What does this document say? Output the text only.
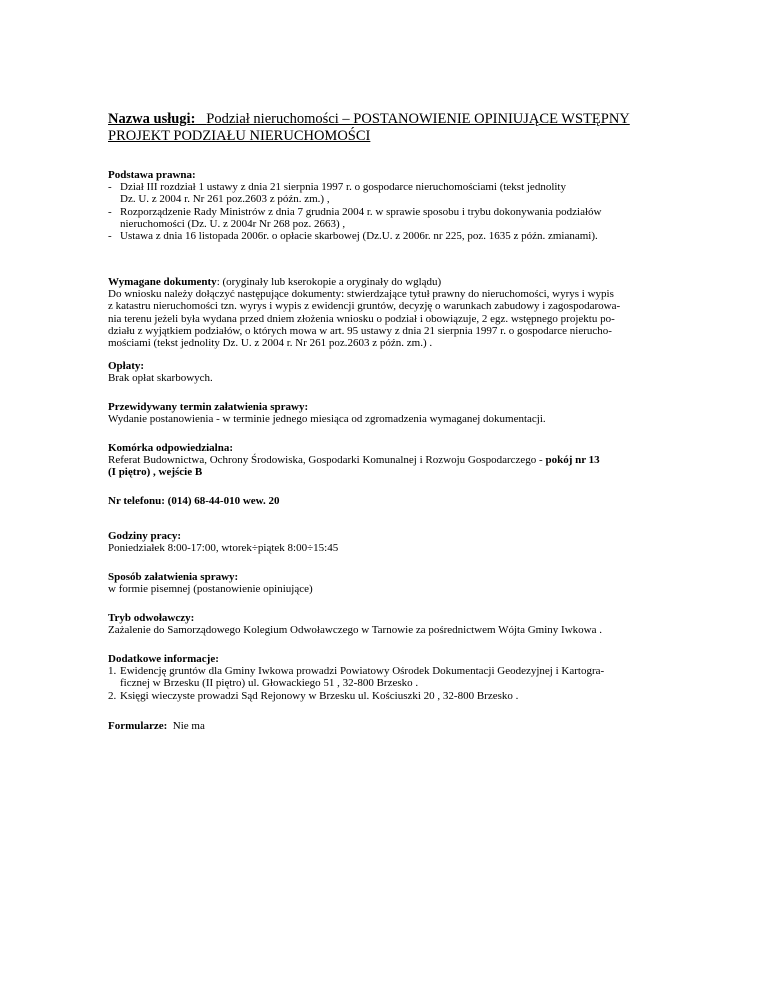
Nazwa usługi: Podział nieruchomości – POSTANOWIENIE OPINIUJĄCE WSTĘPNY
PROJEKT PODZIAŁU NIERUCHOMOŚCI
Podstawa prawna:
- Dział III rozdział 1 ustawy z dnia 21 sierpnia 1997 r. o gospodarce nieruchomościami (tekst jednolity
Dz. U. z 2004 r. Nr 261 poz.2603 z późn. zm.) ,
- Rozporządzenie Rady Ministrów z dnia 7 grudnia 2004 r. w sprawie sposobu i trybu dokonywania podziałów
nieruchomości (Dz. U. z 2004r Nr 268 poz. 2663) ,
- Ustawa z dnia 16 listopada 2006r. o opłacie skarbowej (Dz.U. z 2006r. nr 225, poz. 1635 z późn. zmianami).
Wymagane dokumenty: (oryginały lub kserokopie a oryginały do wglądu)
Do wniosku należy dołączyć następujące dokumenty: stwierdzające tytuł prawny do nieruchomości, wyrys i wypis
z katastru nieruchomości tzn. wyrys i wypis z ewidencji gruntów, decyzję o warunkach zabudowy i zagospodarowa-
nia terenu jeżeli była wydana przed dniem złożenia wniosku o podział i obowiązuje, 2 egz. wstępnego projektu po-
działu z wyjątkiem podziałów, o których mowa w art. 95 ustawy z dnia 21 sierpnia 1997 r. o gospodarce nierucho-
mościami (tekst jednolity Dz. U. z 2004 r. Nr 261 poz.2603 z późn. zm.) .
Opłaty:
Brak opłat skarbowych.
Przewidywany termin załatwienia sprawy:
Wydanie postanowienia - w terminie jednego miesiąca od zgromadzenia wymaganej dokumentacji.
Komórka odpowiedzialna:
Referat Budownictwa, Ochrony Środowiska, Gospodarki Komunalnej i Rozwoju Gospodarczego - pokój nr 13
(I piętro) , wejście B
Nr telefonu: (014) 68-44-010 wew. 20
Godziny pracy:
Poniedziałek 8:00-17:00, wtorek÷piątek 8:00÷15:45
Sposób załatwienia sprawy:
w formie pisemnej (postanowienie opiniujące)
Tryb odwoławczy:
Zażalenie do Samorządowego Kolegium Odwoławczego w Tarnowie za pośrednictwem Wójta Gminy Iwkowa .
Dodatkowe informacje:
1. Ewidencję gruntów dla Gminy Iwkowa prowadzi Powiatowy Ośrodek Dokumentacji Geodezyjnej i Kartogra-
ficznej w Brzesku (II piętro) ul. Głowackiego 51 , 32-800 Brzesko .
2. Księgi wieczyste prowadzi Sąd Rejonowy w Brzesku ul. Kościuszki 20 , 32-800 Brzesko .
Formularze: Nie ma
